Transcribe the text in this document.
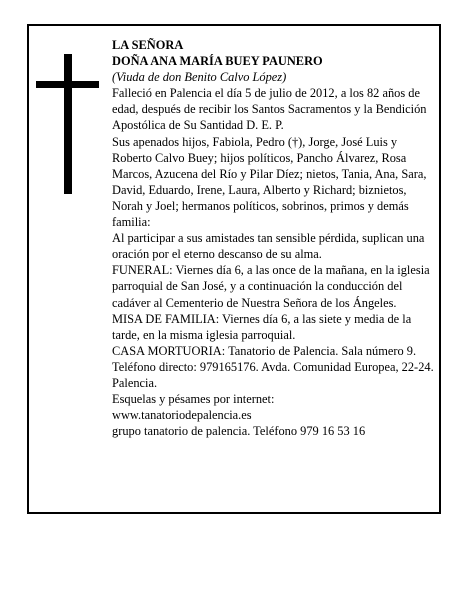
LA SEÑORA

DOÑA ANA MARÍA BUEY PAUNERO

(Viuda de don Benito Calvo López)

Falleció en Palencia el día 5 de julio de 2012, a los 82 años de edad, después de recibir los Santos Sacramentos y la Bendición Apostólica de Su Santidad D. E. P.

Sus apenados hijos, Fabiola, Pedro (†), Jorge, José Luis y Roberto Calvo Buey; hijos políticos, Pancho Álvarez, Rosa Marcos, Azucena del Río y Pilar Díez; nietos, Tania, Ana, Sara, David, Eduardo, Irene, Laura, Alberto y Richard; biznietos, Norah y Joel; hermanos políticos, sobrinos, primos y demás familia:

Al participar a sus amistades tan sensible pérdida, suplican una oración por el eterno descanso de su alma.

FUNERAL: Viernes día 6, a las once de la mañana, en la iglesia parroquial de San José, y a continuación la conducción del cadáver al Cementerio de Nuestra Señora de los Ángeles.

MISA DE FAMILIA: Viernes día 6, a las siete y media de la tarde, en la misma iglesia parroquial.

CASA MORTUORIA: Tanatorio de Palencia. Sala número 9. Teléfono directo: 979165176. Avda. Comunidad Europea, 22-24. Palencia.

Esquelas y pésames por internet:

www.tanatoriodepalencia.es

grupo tanatorio de palencia. Teléfono 979 16 53 16
